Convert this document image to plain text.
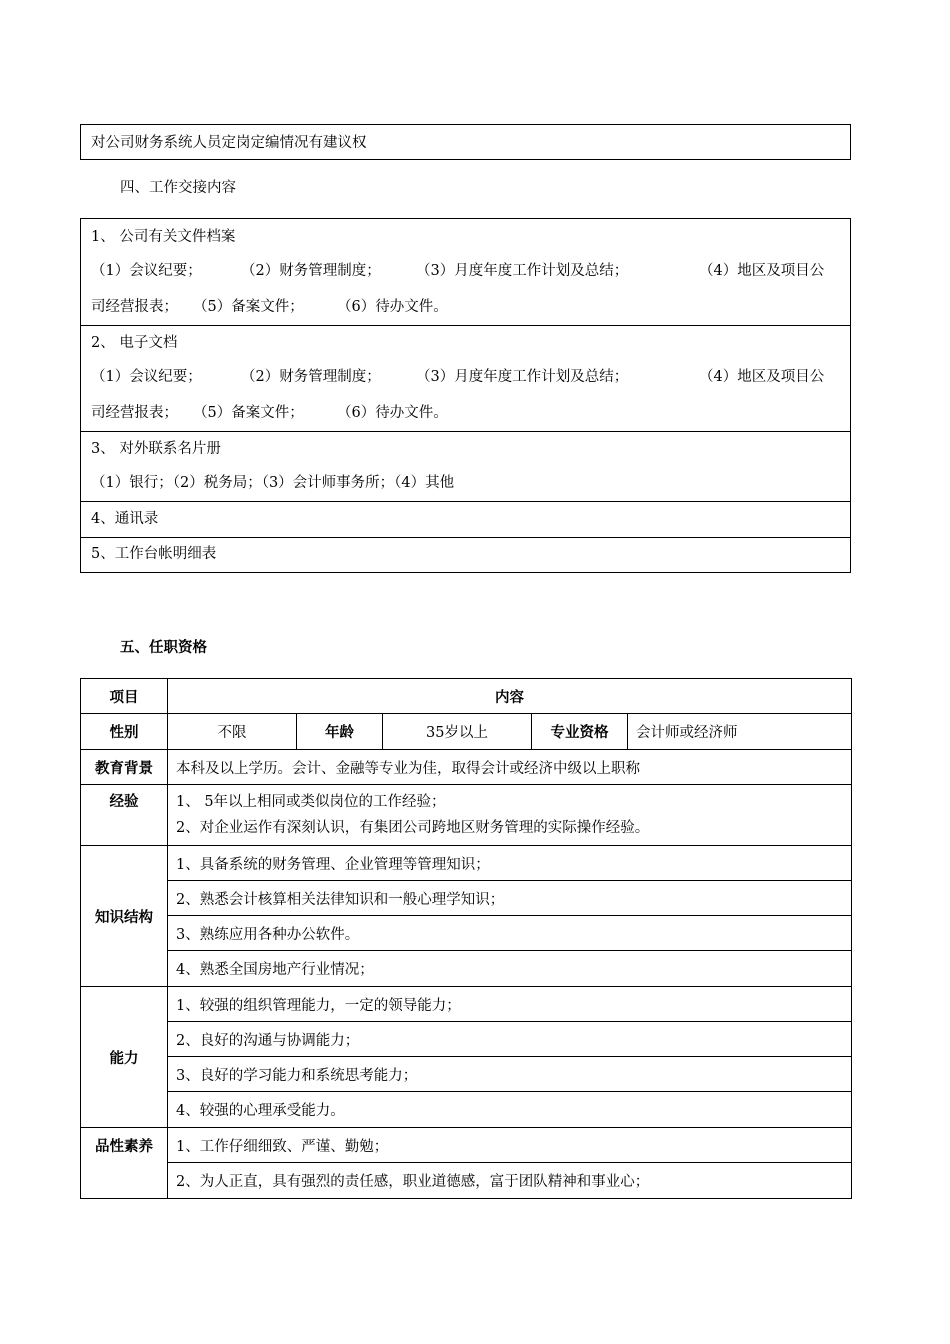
对公司财务系统人员定岗定编情况有建议权
四、工作交接内容
1、 公司有关文件档案
（1）会议纪要；	（2）财务管理制度； （3）月度年度工作计划及总结；	（4）地区及项目公
司经营报表； （5）备案文件； （6）待办文件。
2、 电子文档
（1）会议纪要；	（2）财务管理制度； （3）月度年度工作计划及总结；	（4）地区及项目公
司经营报表； （5）备案文件； （6）待办文件。
3、 对外联系名片册
（1）银行；（2）税务局；（3）会计师事务所；（4）其他
4、通讯录
5、工作台帐明细表
五、任职资格
项目	内容				
性别	不限	年龄	35岁以上	专业资格	会计师或经济师
教育背景	本科及以上学历。会计、金融等专业为佳，取得会计或经济中级以上职称				
经验	1、 5年以上相同或类似岗位的工作经验；
2、对企业运作有深刻认识，有集团公司跨地区财务管理的实际操作经验。				

知识结构	1、具备系统的财务管理、企业管理等管理知识；				
	2、熟悉会计核算相关法律知识和一般心理学知识；				
	3、熟练应用各种办公软件。				
	4、熟悉全国房地产行业情况；				
能力	1、较强的组织管理能力，一定的领导能力；				
	2、良好的沟通与协调能力；				
	3、良好的学习能力和系统思考能力；				
	4、较强的心理承受能力。				
品性素养	1、工作仔细细致、严谨、勤勉；				
	2、为人正直，具有强烈的责任感，职业道德感，富于团队精神和事业心；				
